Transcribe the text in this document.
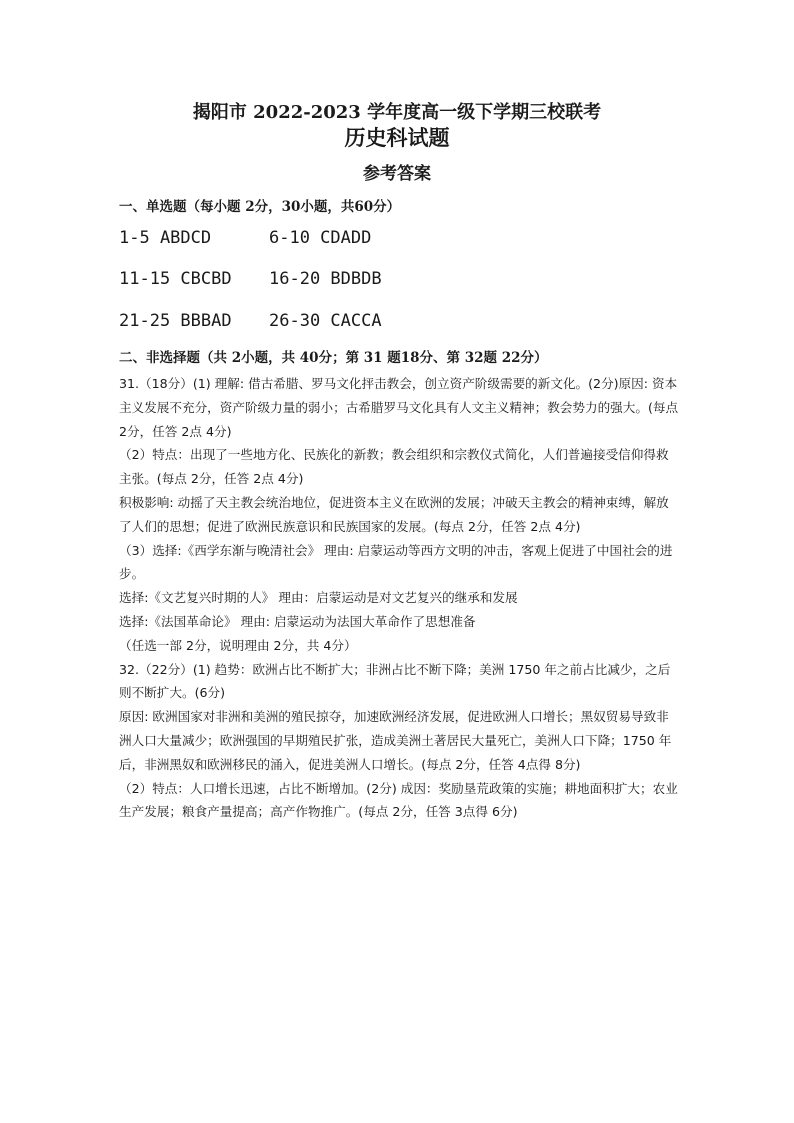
揭阳市 2022-2023 学年度高一级下学期三校联考
历史科试题
参考答案
一、单选题（每小题 2分，30小题，共60分）
1-5 ABDCD	6-10 CDADD
11-15 CBCBD 16-20 BDBDB
21-25 BBBAD 26-30 CACCA
二、非选择题（共 2小题，共 40分；第 31 题18分、第 32题 22分）

31.（18分）(1) 理解: 借古希腊、罗马文化抨击教会，创立资产阶级需要的新文化。(2分)原因: 资本主义发展不充分，资产阶级力量的弱小；古希腊罗马文化具有人文主义精神；教会势力的强大。(每点 2分，任答 2点 4分)

（2）特点：出现了一些地方化、民族化的新教；教会组织和宗教仪式简化，人们普遍接受信仰得救主张。(每点 2分，任答 2点 4分)

积极影响: 动摇了天主教会统治地位，促进资本主义在欧洲的发展；冲破天主教会的精神束缚，解放了人们的思想；促进了欧洲民族意识和民族国家的发展。(每点 2分，任答 2点 4分)

（3）选择:《西学东渐与晚清社会》 理由: 启蒙运动等西方文明的冲击，客观上促进了中国社会的进步。

选择:《文艺复兴时期的人》 理由：启蒙运动是对文艺复兴的继承和发展

选择:《法国革命论》 理由: 启蒙运动为法国大革命作了思想准备

（任选一部 2分，说明理由 2分，共 4分）

32.（22分）(1) 趋势：欧洲占比不断扩大；非洲占比不断下降；美洲 1750 年之前占比减少，之后则不断扩大。(6分)

原因: 欧洲国家对非洲和美洲的殖民掠夺，加速欧洲经济发展，促进欧洲人口增长；黑奴贸易导致非洲人口大量减少；欧洲强国的早期殖民扩张，造成美洲土著居民大量死亡，美洲人口下降；1750 年后，非洲黑奴和欧洲移民的涌入，促进美洲人口增长。(每点 2分，任答 4点得 8分)

（2）特点：人口增长迅速，占比不断增加。(2分) 成因：奖励垦荒政策的实施；耕地面积扩大；农业生产发展；粮食产量提高；高产作物推广。(每点 2分，任答 3点得 6分)
